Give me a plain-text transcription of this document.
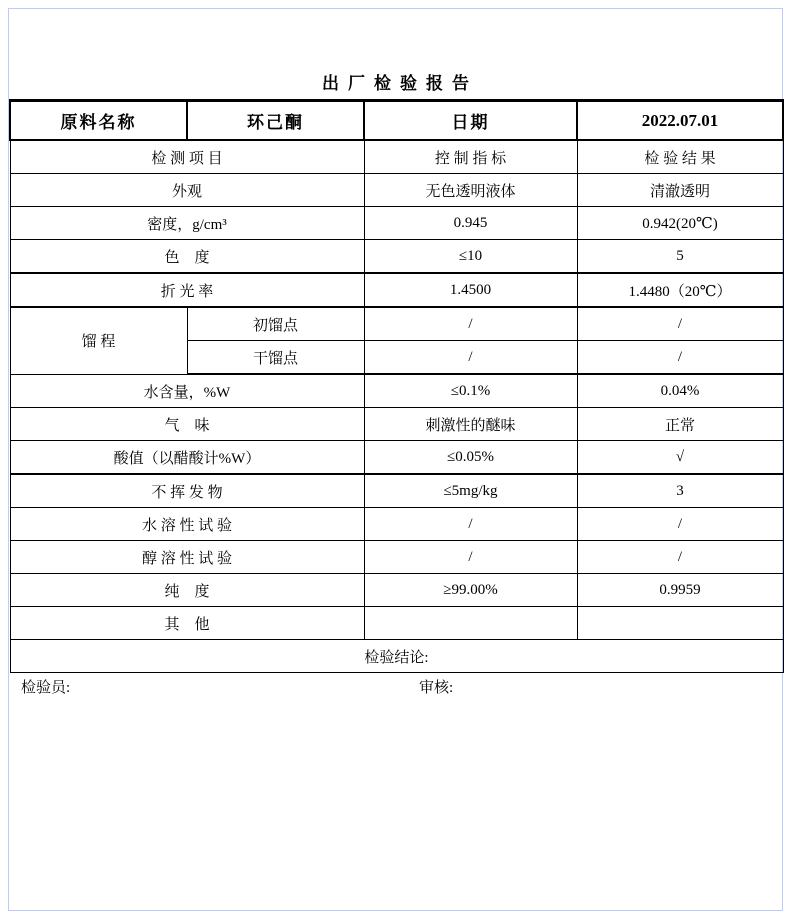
出厂检验报告
原料名称	环己酮	日期	2022.07.01
检 测 项 目		控 制 指 标	检 验 结 果
外观		无色透明液体	清澈透明
密度，g/cm³		0.945	0.942(20℃)
色　度		≤10	5
折 光 率		1.4500	1.4480（20℃）
馏 程	初馏点	/	/
	干馏点	/	/
水含量，%W		≤0.1%	0.04%
气　味		刺激性的醚味	正常
酸值（以醋酸计%W）		≤0.05%	√
不 挥 发 物		≤5mg/kg	3
水 溶 性 试 验		/	/
醇 溶 性 试 验		/	/
纯　度		≥99.00%	0.9959
其　他			
检验结论:			
检验员:	审核:
